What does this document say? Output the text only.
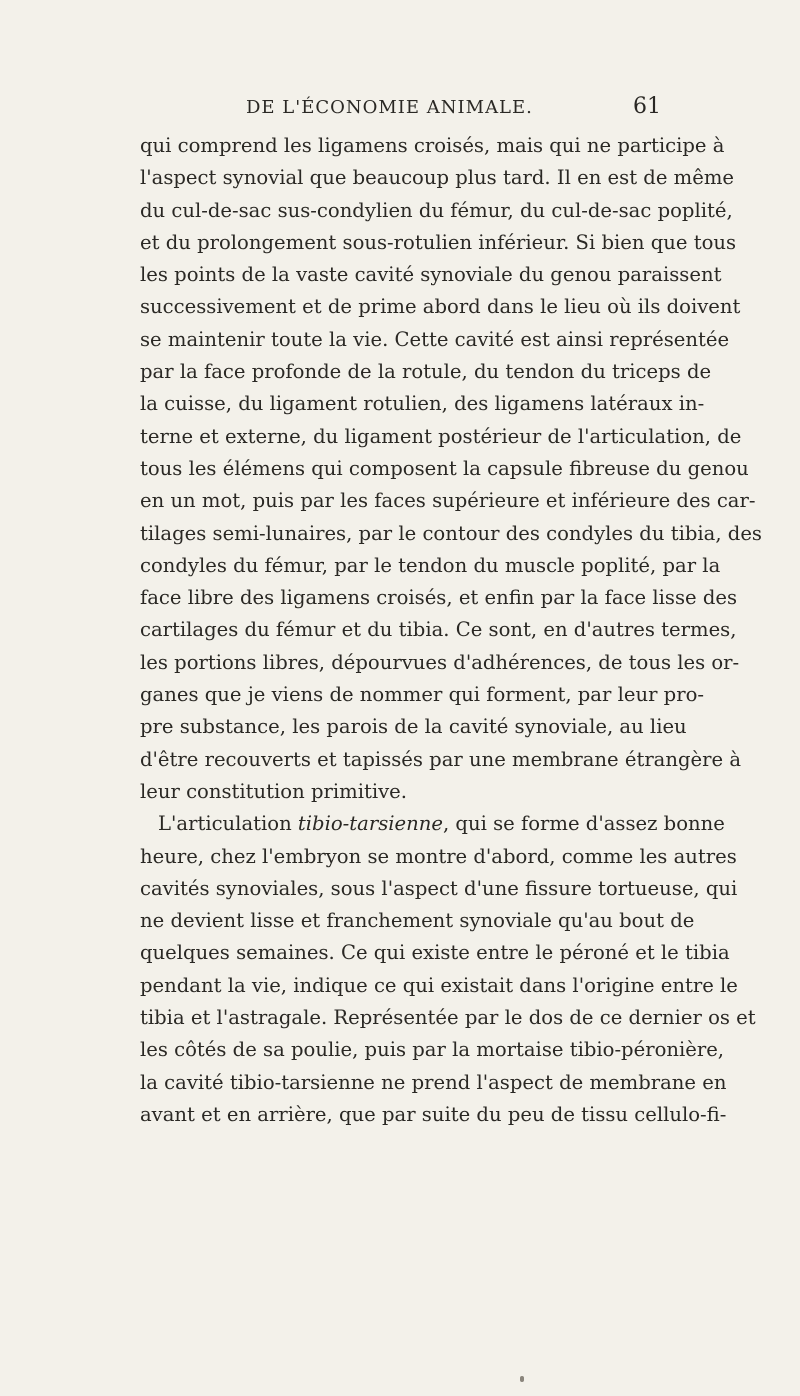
DE L'ÉCONOMIE ANIMALE.	61
qui comprend les ligamens croisés, mais qui ne participe à
l'aspect synovial que beaucoup plus tard. Il en est de même
du cul-de-sac sus-condylien du fémur, du cul-de-sac poplité,
et du prolongement sous-rotulien inférieur. Si bien que tous
les points de la vaste cavité synoviale du genou paraissent
successivement et de prime abord dans le lieu où ils doivent
se maintenir toute la vie. Cette cavité est ainsi représentée
par la face profonde de la rotule, du tendon du triceps de
la cuisse, du ligament rotulien, des ligamens latéraux in-
terne et externe, du ligament postérieur de l'articulation, de
tous les élémens qui composent la capsule fibreuse du genou
en un mot, puis par les faces supérieure et inférieure des car-
tilages semi-lunaires, par le contour des condyles du tibia, des
condyles du fémur, par le tendon du muscle poplité, par la
face libre des ligamens croisés, et enfin par la face lisse des
cartilages du fémur et du tibia. Ce sont, en d'autres termes,
les portions libres, dépourvues d'adhérences, de tous les or-
ganes que je viens de nommer qui forment, par leur pro-
pre substance, les parois de la cavité synoviale, au lieu
d'être recouverts et tapissés par une membrane étrangère à
leur constitution primitive.
L'articulation tibio-tarsienne, qui se forme d'assez bonne
heure, chez l'embryon se montre d'abord, comme les autres
cavités synoviales, sous l'aspect d'une fissure tortueuse, qui
ne devient lisse et franchement synoviale qu'au bout de
quelques semaines. Ce qui existe entre le péroné et le tibia
pendant la vie, indique ce qui existait dans l'origine entre le
tibia et l'astragale. Représentée par le dos de ce dernier os et
les côtés de sa poulie, puis par la mortaise tibio-péronière,
la cavité tibio-tarsienne ne prend l'aspect de membrane en
avant et en arrière, que par suite du peu de tissu cellulo-fi-
